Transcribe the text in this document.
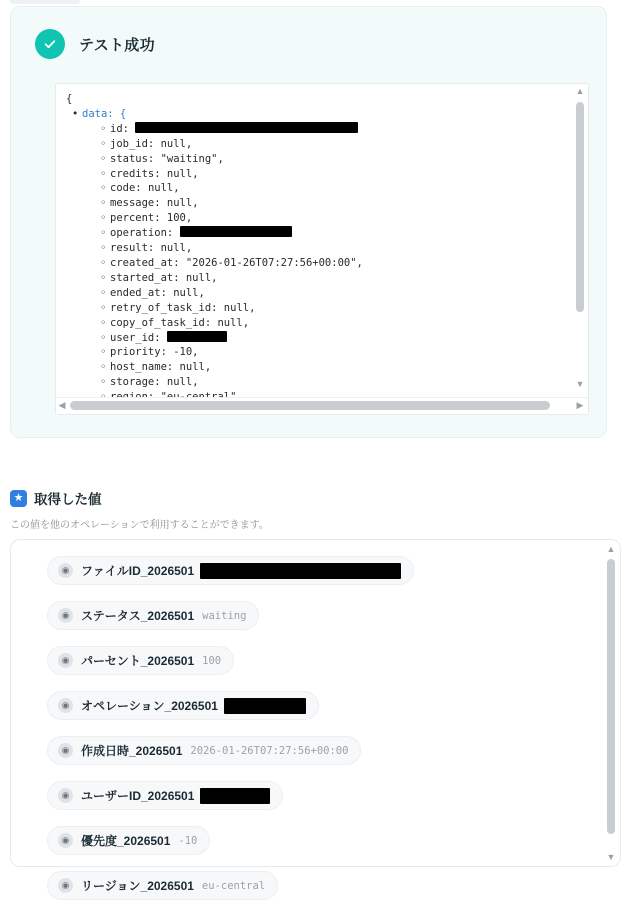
テスト成功
{
• data: {
◦ id:
◦ job_id: null,
◦ status: "waiting",
◦ credits: null,
◦ code: null,
◦ message: null,
◦ percent: 100,
◦ operation:
◦ result: null,
◦ created_at: "2026-01-26T07:27:56+00:00",
◦ started_at: null,
◦ ended_at: null,
◦ retry_of_task_id: null,
◦ copy_of_task_id: null,
◦ user_id:
◦ priority: -10,
◦ host_name: null,
◦ storage: null,
▲
▼
◀	▶
★ 取得した値
この値を他のオペレーションで利用することができます。
◉ ファイルID_2026501
◉ ステータス_2026501 waiting
◉ パーセント_2026501 100
◉ オペレーション_2026501
◉ 作成日時_2026501 2026-01-26T07:27:56+00:00
◉ ユーザーID_2026501
◉ 優先度_2026501 -10
◉ リージョン_2026501 eu-central
▲
▼
